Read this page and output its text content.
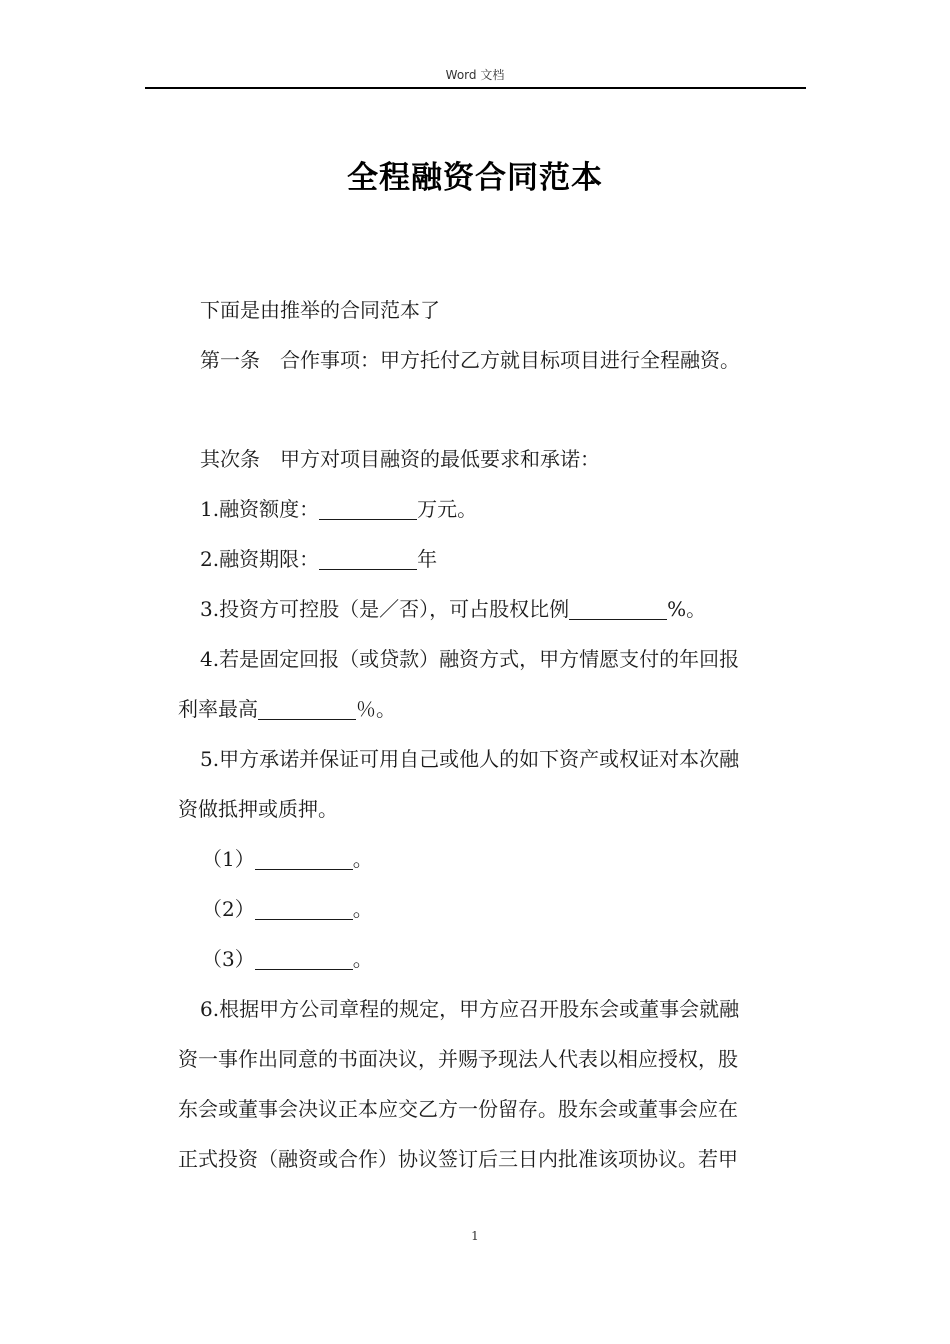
Word 文档
全程融资合同范本

下面是由推举的合同范本了

第一条　合作事项：甲方托付乙方就目标项目进行全程融资。

其次条　甲方对项目融资的最低要求和承诺：

1.融资额度：	万元。

2.融资期限：	年

3.投资方可控股（是／否），可占股权比例	%。

4.若是固定回报（或贷款）融资方式，甲方情愿支付的年回报

利率最高	％。

5.甲方承诺并保证可用自己或他人的如下资产或权证对本次融

资做抵押或质押。

（1）	。

（2）	。

（3）	。

6.根据甲方公司章程的规定，甲方应召开股东会或董事会就融

资一事作出同意的书面决议，并赐予现法人代表以相应授权，股

东会或董事会决议正本应交乙方一份留存。股东会或董事会应在

正式投资（融资或合作）协议签订后三日内批准该项协议。若甲

1
